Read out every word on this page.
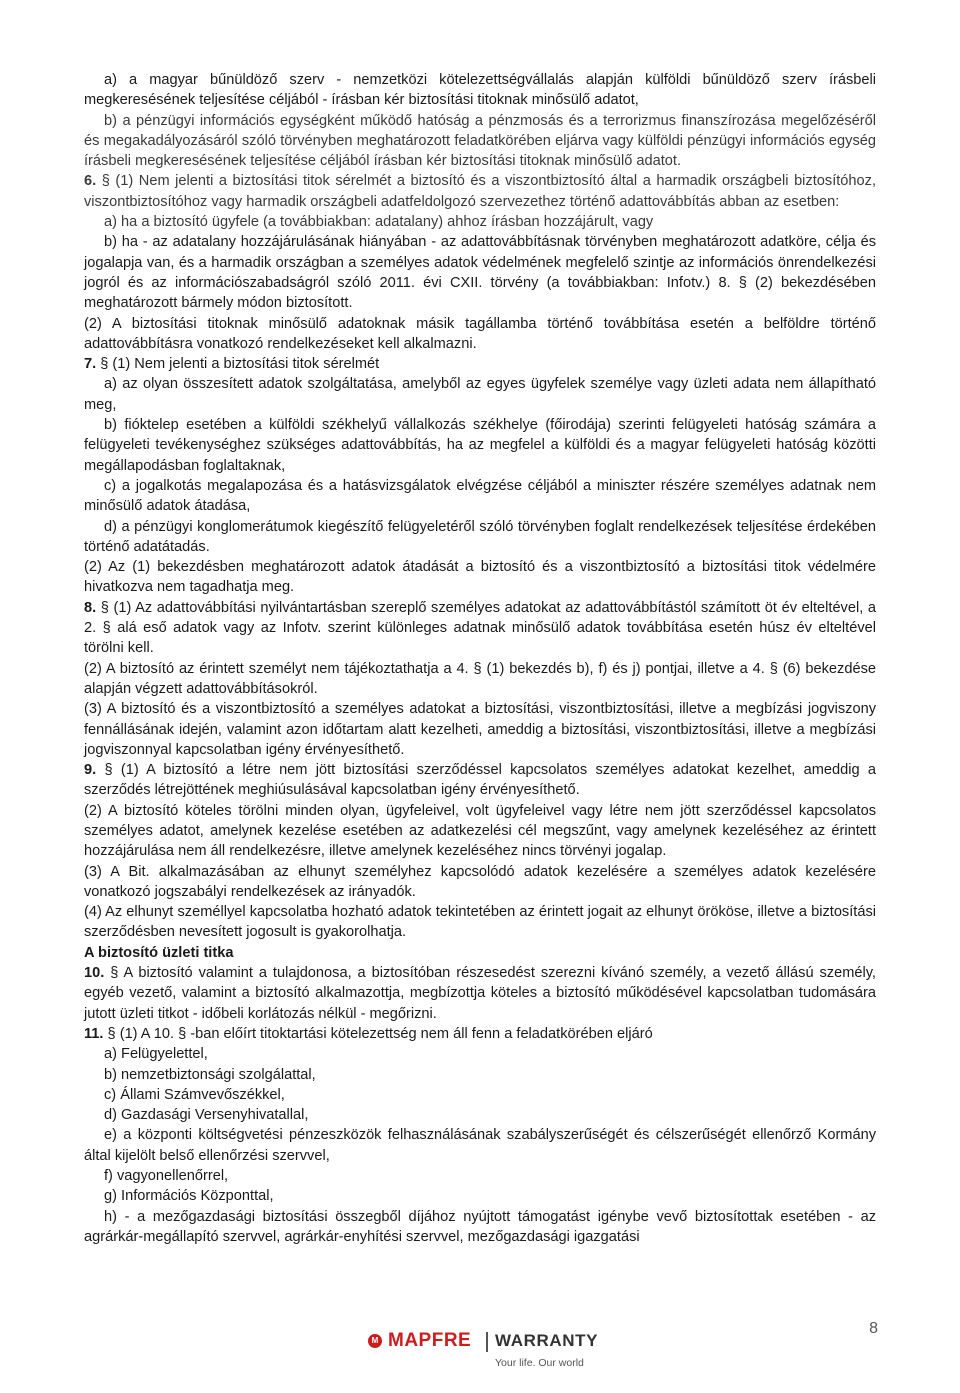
a) a magyar bűnüldöző szerv - nemzetközi kötelezettségvállalás alapján külföldi bűnüldöző szerv írásbeli megkeresésének teljesítése céljából - írásban kér biztosítási titoknak minősülő adatot,

b) a pénzügyi információs egységként működő hatóság a pénzmosás és a terrorizmus finanszírozása megelőzéséről és megakadályozásáról szóló törvényben meghatározott feladatkörében eljárva vagy külföldi pénzügyi információs egység írásbeli megkeresésének teljesítése céljából írásban kér biztosítási titoknak minősülő adatot.

6. § (1) Nem jelenti a biztosítási titok sérelmét a biztosító és a viszontbiztosító által a harmadik országbeli biztosítóhoz, viszontbiztosítóhoz vagy harmadik országbeli adatfeldolgozó szervezethez történő adattovábbítás abban az esetben:

a) ha a biztosító ügyfele (a továbbiakban: adatalany) ahhoz írásban hozzájárult, vagy

b) ha - az adatalany hozzájárulásának hiányában - az adattovábbításnak törvényben meghatározott adatköre, célja és jogalapja van, és a harmadik országban a személyes adatok védelmének megfelelő szintje az információs önrendelkezési jogról és az információszabadságról szóló 2011. évi CXII. törvény (a továbbiakban: Infotv.) 8. § (2) bekezdésében meghatározott bármely módon biztosított.

(2) A biztosítási titoknak minősülő adatoknak másik tagállamba történő továbbítása esetén a belföldre történő adattovábbításra vonatkozó rendelkezéseket kell alkalmazni.

7. § (1) Nem jelenti a biztosítási titok sérelmét

a) az olyan összesített adatok szolgáltatása, amelyből az egyes ügyfelek személye vagy üzleti adata nem állapítható meg,

b) fióktelep esetében a külföldi székhelyű vállalkozás székhelye (főirodája) szerinti felügyeleti hatóság számára a felügyeleti tevékenységhez szükséges adattovábbítás, ha az megfelel a külföldi és a magyar felügyeleti hatóság közötti megállapodásban foglaltaknak,

c) a jogalkotás megalapozása és a hatásvizsgálatok elvégzése céljából a miniszter részére személyes adatnak nem minősülő adatok átadása,

d) a pénzügyi konglomerátumok kiegészítő felügyeletéről szóló törvényben foglalt rendelkezések teljesítése érdekében történő adatátadás.

(2) Az (1) bekezdésben meghatározott adatok átadását a biztosító és a viszontbiztosító a biztosítási titok védelmére hivatkozva nem tagadhatja meg.

8. § (1) Az adattovábbítási nyilvántartásban szereplő személyes adatokat az adattovábbítástól számított öt év elteltével, a 2. § alá eső adatok vagy az Infotv. szerint különleges adatnak minősülő adatok továbbítása esetén húsz év elteltével törölni kell.

(2) A biztosító az érintett személyt nem tájékoztathatja a 4. § (1) bekezdés b), f) és j) pontjai, illetve a 4. § (6) bekezdése alapján végzett adattovábbításokról.

(3) A biztosító és a viszontbiztosító a személyes adatokat a biztosítási, viszontbiztosítási, illetve a megbízási jogviszony fennállásának idején, valamint azon időtartam alatt kezelheti, ameddig a biztosítási, viszontbiztosítási, illetve a megbízási jogviszonnyal kapcsolatban igény érvényesíthető.

9. § (1) A biztosító a létre nem jött biztosítási szerződéssel kapcsolatos személyes adatokat kezelhet, ameddig a szerződés létrejöttének meghiúsulásával kapcsolatban igény érvényesíthető.

(2) A biztosító köteles törölni minden olyan, ügyfeleivel, volt ügyfeleivel vagy létre nem jött szerződéssel kapcsolatos személyes adatot, amelynek kezelése esetében az adatkezelési cél megszűnt, vagy amelynek kezeléséhez az érintett hozzájárulása nem áll rendelkezésre, illetve amelynek kezeléséhez nincs törvényi jogalap.

(3) A Bit. alkalmazásában az elhunyt személyhez kapcsolódó adatok kezelésére a személyes adatok kezelésére vonatkozó jogszabályi rendelkezések az irányadók.

(4) Az elhunyt személlyel kapcsolatba hozható adatok tekintetében az érintett jogait az elhunyt örököse, illetve a biztosítási szerződésben nevesített jogosult is gyakorolhatja.

A biztosító üzleti titka

10. § A biztosító valamint a tulajdonosa, a biztosítóban részesedést szerezni kívánó személy, a vezető állású személy, egyéb vezető, valamint a biztosító alkalmazottja, megbízottja köteles a biztosító működésével kapcsolatban tudomására jutott üzleti titkot - időbeli korlátozás nélkül - megőrizni.

11. § (1) A 10. § -ban előírt titoktartási kötelezettség nem áll fenn a feladatkörében eljáró

a) Felügyelettel,

b) nemzetbiztonsági szolgálattal,

c) Állami Számvevőszékkel,

d) Gazdasági Versenyhivatallal,

e) a központi költségvetési pénzeszközök felhasználásának szabályszerűségét és célszerűségét ellenőrző Kormány által kijelölt belső ellenőrzési szervvel,

f) vagyonellenőrrel,

g) Információs Központtal,

h) - a mezőgazdasági biztosítási összegből díjához nyújtott támogatást igénybe vevő biztosítottak esetében - az agrárkár-megállapító szervvel, agrárkár-enyhítési szervvel, mezőgazdasági igazgatási

8
M MAPFRE WARRANTY
Your life. Our world
